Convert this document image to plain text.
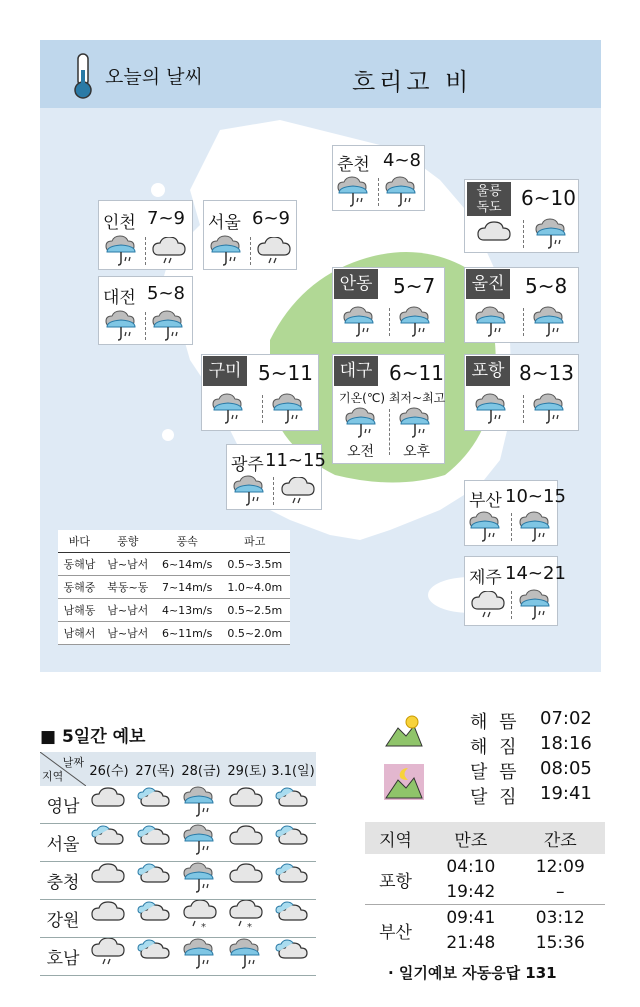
오늘의 날씨	흐리고 비
춘천 4~8
울릉
독도 6~10
인천 7~9 서울 6~9
대전 5~8	안동 5~7	울진 5~8
구미 5~11	대구 6~11
기온(℃) 최저~최고
오전 오후
포항 8~13
광주 11~15
부산 10~15
제주 14~21
바다	풍향	풍속	파고
동해남	남~남서	6~14m/s	0.5~3.5m
동해중	북동~동	7~14m/s	1.0~4.0m
남해동	남~남서	4~13m/s	0.5~2.5m
남해서	남~남서	6~11m/s	0.5~2.0m
■ 5일간 예보
날짜
지역	26(수)	27(목)	28(금)	29(토)	3.1(일)
영남					
서울					
충청					
강원					
호남					
해 뜸 07:02
해 짐 18:16
달 뜸 08:05
달 짐 19:41
지역	만조	간조
포항	04:10	12:09
	19:42	–
부산	09:41	03:12
	21:48	15:36
· 일기예보 자동응답 131
